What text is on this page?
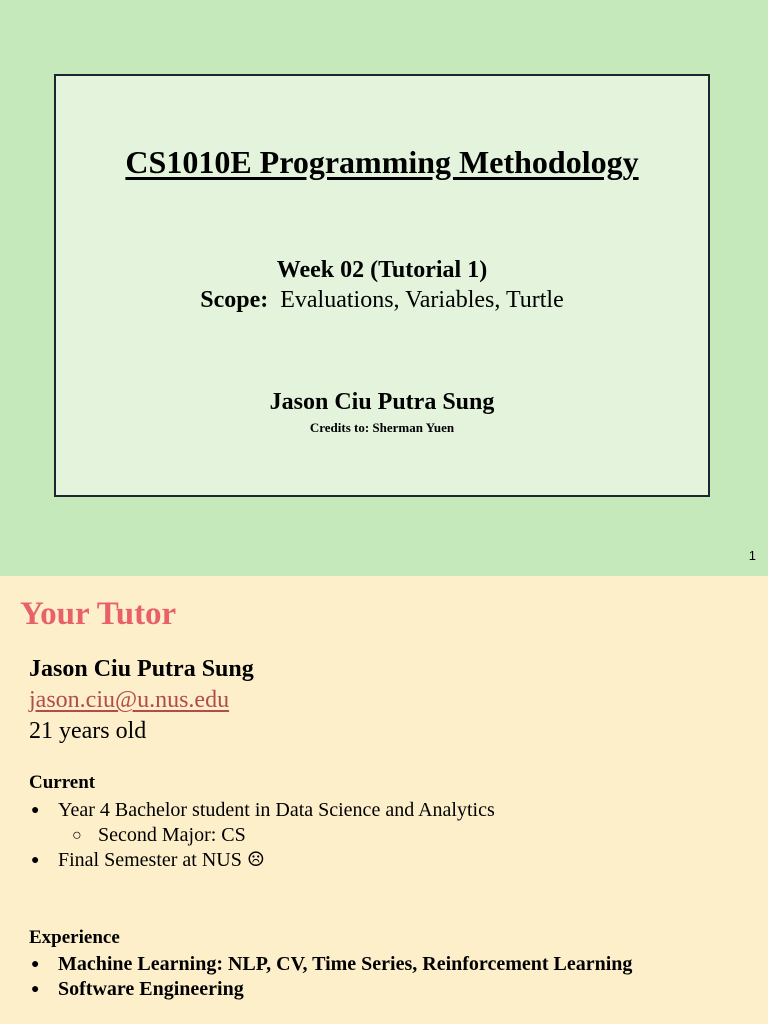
CS1010E Programming Methodology
Week 02 (Tutorial 1)
Scope:  Evaluations, Variables, Turtle
Jason Ciu Putra Sung
Credits to: Sherman Yuen
1
Your Tutor
Jason Ciu Putra Sung
jason.ciu@u.nus.edu
21 years old
Current
● Year 4 Bachelor student in Data Science and Analytics
○ Second Major: CS
● Final Semester at NUS ☹
Experience
● Machine Learning: NLP, CV, Time Series, Reinforcement Learning
● Software Engineering
